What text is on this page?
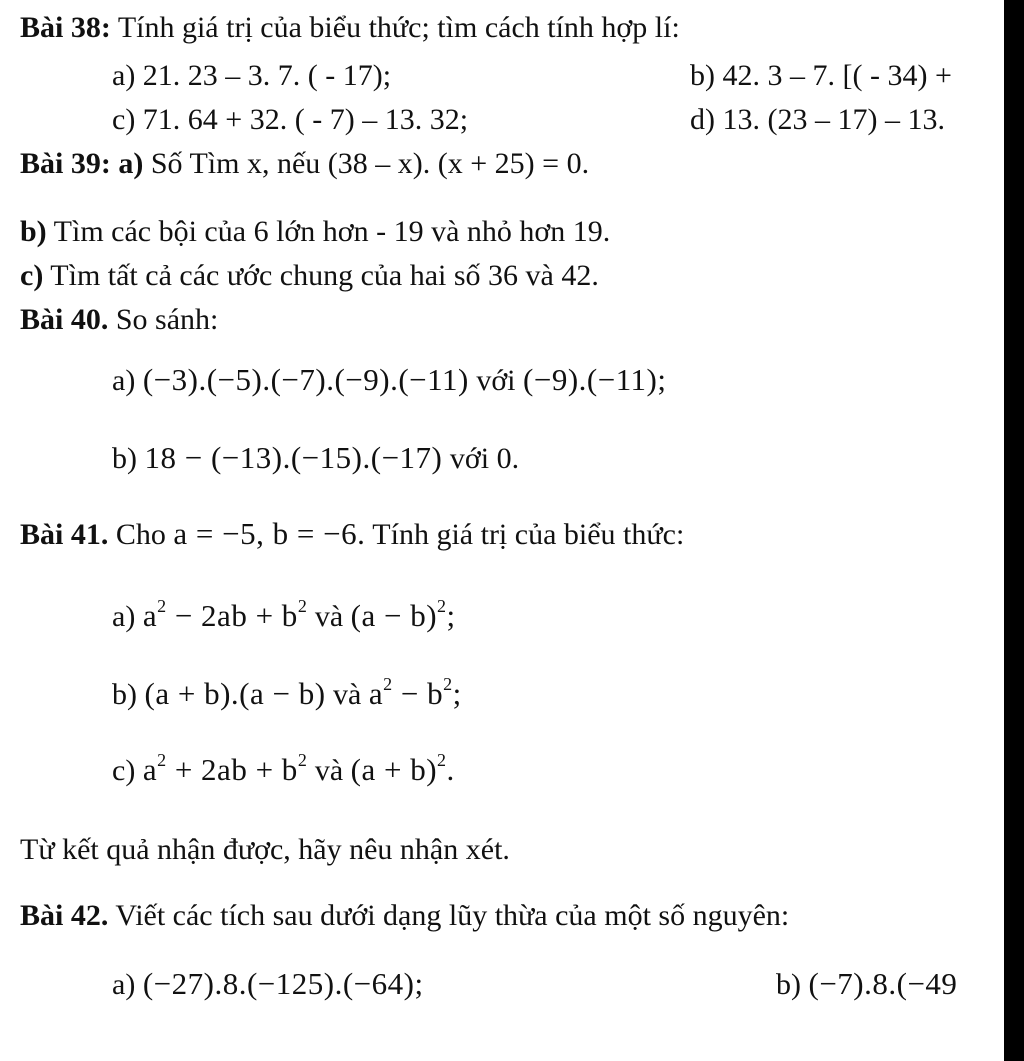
Bài 38: Tính giá trị của biểu thức; tìm cách tính hợp lí:
a) 21. 23 – 3. 7. ( - 17);	b) 42. 3 – 7. [( - 34) +
c) 71. 64 + 32. ( - 7) – 13. 32;	d) 13. (23 – 17) – 13.
Bài 39: a) Số Tìm x, nếu (38 – x). (x + 25) = 0.
b) Tìm các bội của 6 lớn hơn - 19 và nhỏ hơn 19.
c) Tìm tất cả các ước chung của hai số 36 và 42.
Bài 40. So sánh:
a) (−3).(−5).(−7).(−9).(−11) với (−9).(−11);
b) 18 − (−13).(−15).(−17) với 0.
Bài 41. Cho a = −5, b = −6. Tính giá trị của biểu thức:
a) $a^2 - 2ab + b^2$ và $(a - b)^2$;
b) (a + b).(a − b) và $a^2 - b^2$;
c) $a^2 + 2ab + b^2$ và $(a + b)^2$.
Từ kết quả nhận được, hãy nêu nhận xét.
Bài 42. Viết các tích sau dưới dạng lũy thừa của một số nguyên:
a) (−27).8.(−125).(−64);	b) (−7).8.(−49
